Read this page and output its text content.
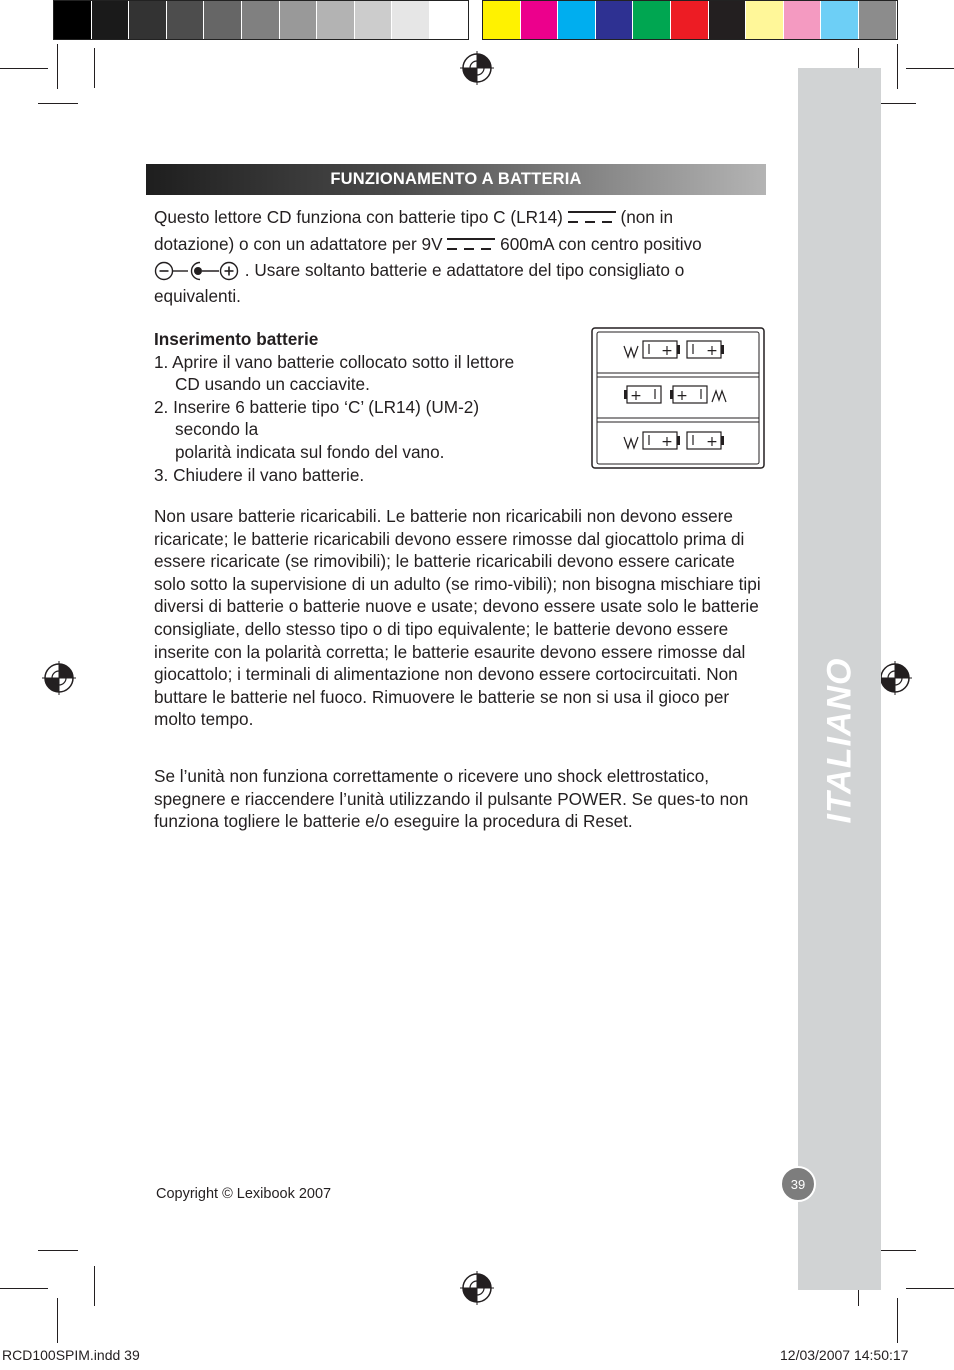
ITALIANO
FUNZIONAMENTO A BATTERIA
Questo lettore CD funziona con batterie tipo C (LR14)	(non in
dotazione) o con un adattatore per 9V	600mA con centro positivo
. Usare soltanto batterie e adattatore del tipo consigliato o
equivalenti.
Inserimento batterie
1. Aprire il vano batterie collocato sotto il lettore
CD usando un cacciavite.
2. Inserire 6 batterie tipo ‘C’ (LR14) (UM-2)
secondo la
polarità indicata sul fondo del vano.
3. Chiudere il vano batterie.
+ +
+ +
+ +
Non usare batterie ricaricabili. Le batterie non ricaricabili non devono essere ricaricate; le batterie ricaricabili devono essere rimosse dal giocattolo prima di essere ricaricate (se rimovibili); le batterie ricaricabili devono essere caricate solo sotto la supervisione di un adulto (se rimo-vibili); non bisogna mischiare tipi diversi di batterie o batterie nuove e usate; devono essere usate solo le batterie consigliate, dello stesso tipo o di tipo equivalente; le batterie devono essere inserite con la polarità corretta; le batterie esaurite devono essere rimosse dal giocattolo; i terminali di alimentazione non devono essere cortocircuitati. Non buttare le batterie nel fuoco. Rimuovere le batterie se non si usa il gioco per molto tempo.
Se l’unità non funziona correttamente o ricevere uno shock elettrostatico, spegnere e riaccendere l’unità utilizzando il pulsante POWER. Se ques-to non funziona togliere le batterie e/o eseguire la procedura di Reset.
Copyright © Lexibook 2007
39
RCD100SPIM.indd 39	12/03/2007 14:50:17
